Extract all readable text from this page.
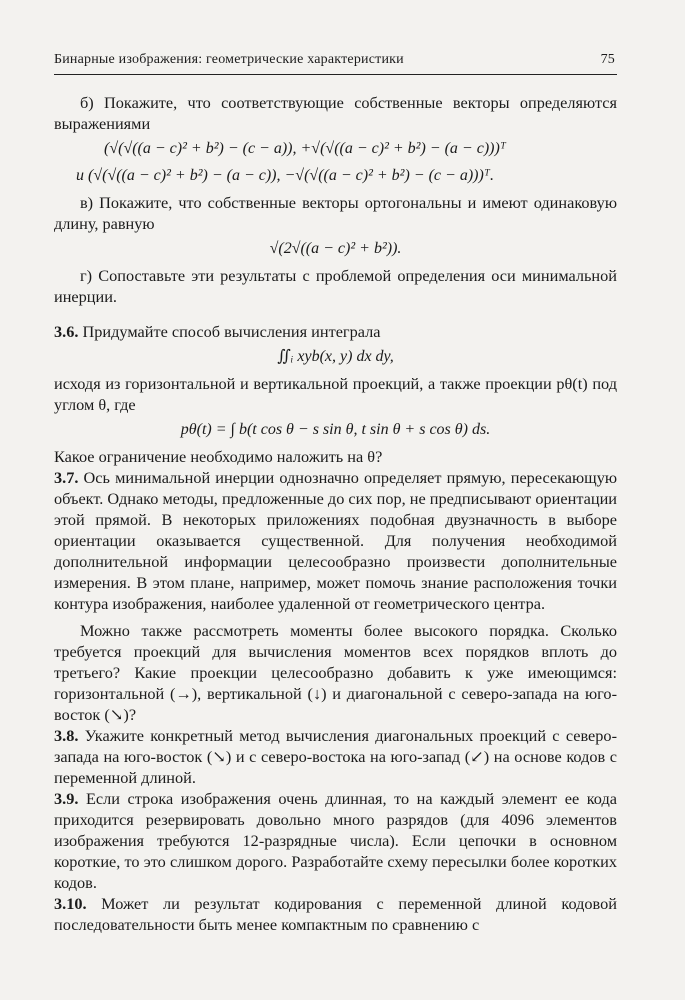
Бинарные изображения: геометрические характеристики	75

б) Покажите, что соответствующие собственные векторы определяются выражениями

(√(√((a − c)² + b²) − (c − a)), +√(√((a − c)² + b²) − (a − c)))ᵀ
и (√(√((a − c)² + b²) − (a − c)), −√(√((a − c)² + b²) − (c − a)))ᵀ.

в) Покажите, что собственные векторы ортогональны и имеют одинаковую длину, равную

√(2√((a − c)² + b²)).

г) Сопоставьте эти результаты с проблемой определения оси минимальной инерции.

3.6. Придумайте способ вычисления интеграла

∬ᵢ xyb(x, y) dx dy,

исходя из горизонтальной и вертикальной проекций, а также проекции pθ(t) под углом θ, где

pθ(t) = ∫ b(t cos θ − s sin θ, t sin θ + s cos θ) ds.

Какое ограничение необходимо наложить на θ?

3.7. Ось минимальной инерции однозначно определяет прямую, пересекающую объект. Однако методы, предложенные до сих пор, не предписывают ориентации этой прямой. В некоторых приложениях подобная двузначность в выборе ориентации оказывается существенной. Для получения необходимой дополнительной информации целесообразно произвести дополнительные измерения. В этом плане, например, может помочь знание расположения точки контура изображения, наиболее удаленной от геометрического центра.

Можно также рассмотреть моменты более высокого порядка. Сколько требуется проекций для вычисления моментов всех порядков вплоть до третьего? Какие проекции целесообразно добавить к уже имеющимся: горизонтальной (→), вертикальной (↓) и диагональной с северо-запада на юго-восток (↘)?

3.8. Укажите конкретный метод вычисления диагональных проекций с северо-запада на юго-восток (↘) и с северо-востока на юго-запад (↙) на основе кодов с переменной длиной.

3.9. Если строка изображения очень длинная, то на каждый элемент ее кода приходится резервировать довольно много разрядов (для 4096 элементов изображения требуются 12-разрядные числа). Если цепочки в основном короткие, то это слишком дорого. Разработайте схему пересылки более коротких кодов.

3.10. Может ли результат кодирования с переменной длиной кодовой последовательности быть менее компактным по сравнению с
